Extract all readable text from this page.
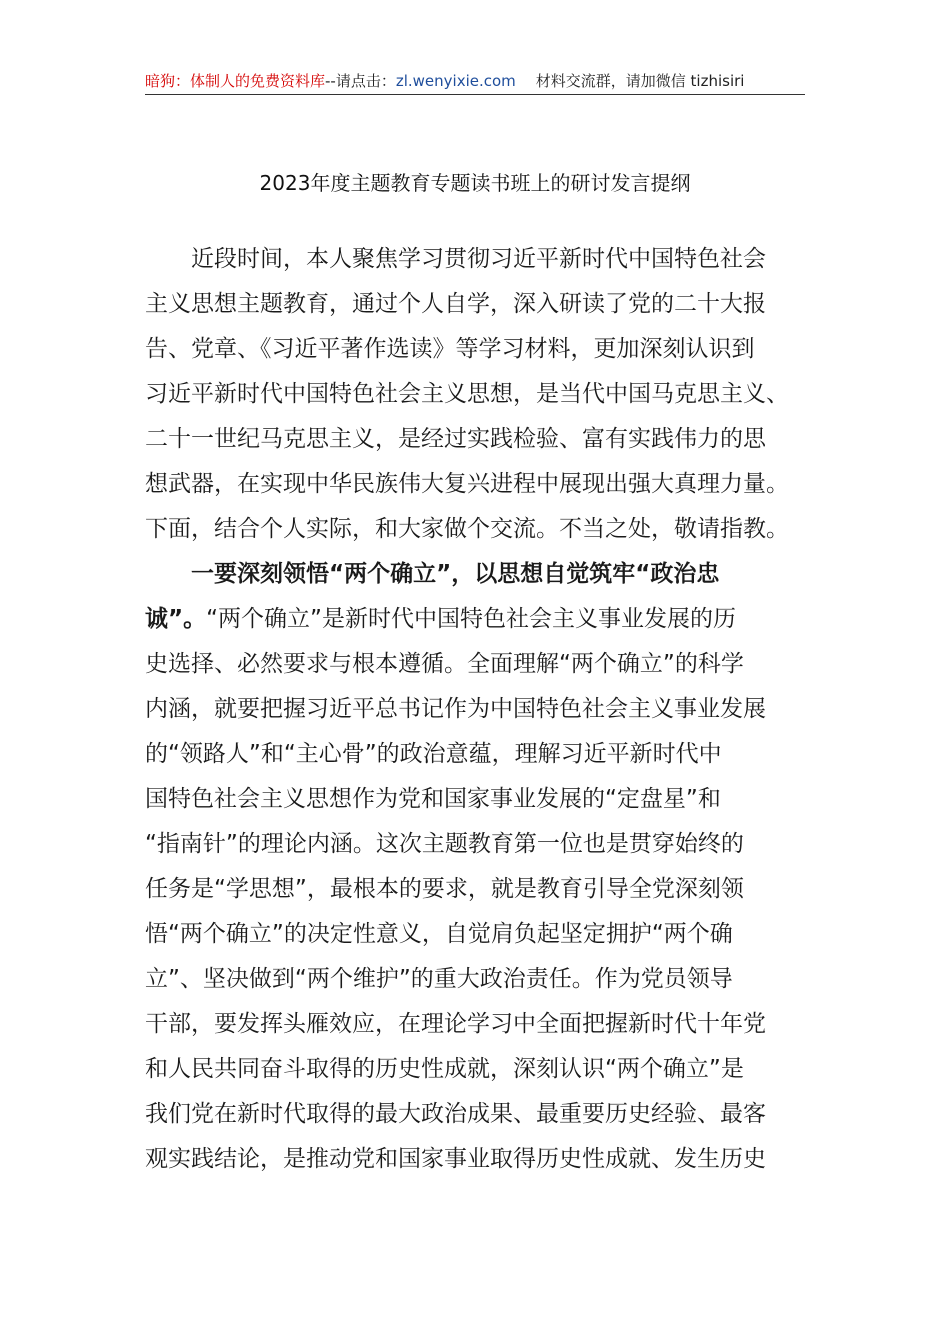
暗狗：体制人的免费资料库--请点击：zl.wenyixie.com 材料交流群，请加微信 tizhisiri
2023年度主题教育专题读书班上的研讨发言提纲
近段时间，本人聚焦学习贯彻习近平新时代中国特色社会
主义思想主题教育，通过个人自学，深入研读了党的二十大报
告、党章、《习近平著作选读》等学习材料，更加深刻认识到
习近平新时代中国特色社会主义思想，是当代中国马克思主义、
二十一世纪马克思主义，是经过实践检验、富有实践伟力的思
想武器，在实现中华民族伟大复兴进程中展现出强大真理力量。
下面，结合个人实际，和大家做个交流。不当之处，敬请指教。
一要深刻领悟“两个确立”，以思想自觉筑牢“政治忠
诚”。“两个确立”是新时代中国特色社会主义事业发展的历
史选择、必然要求与根本遵循。全面理解“两个确立”的科学
内涵，就要把握习近平总书记作为中国特色社会主义事业发展
的“领路人”和“主心骨”的政治意蕴，理解习近平新时代中
国特色社会主义思想作为党和国家事业发展的“定盘星”和
“指南针”的理论内涵。这次主题教育第一位也是贯穿始终的
任务是“学思想”，最根本的要求，就是教育引导全党深刻领
悟“两个确立”的决定性意义，自觉肩负起坚定拥护“两个确
立”、坚决做到“两个维护”的重大政治责任。作为党员领导
干部，要发挥头雁效应，在理论学习中全面把握新时代十年党
和人民共同奋斗取得的历史性成就，深刻认识“两个确立”是
我们党在新时代取得的最大政治成果、最重要历史经验、最客
观实践结论，是推动党和国家事业取得历史性成就、发生历史
